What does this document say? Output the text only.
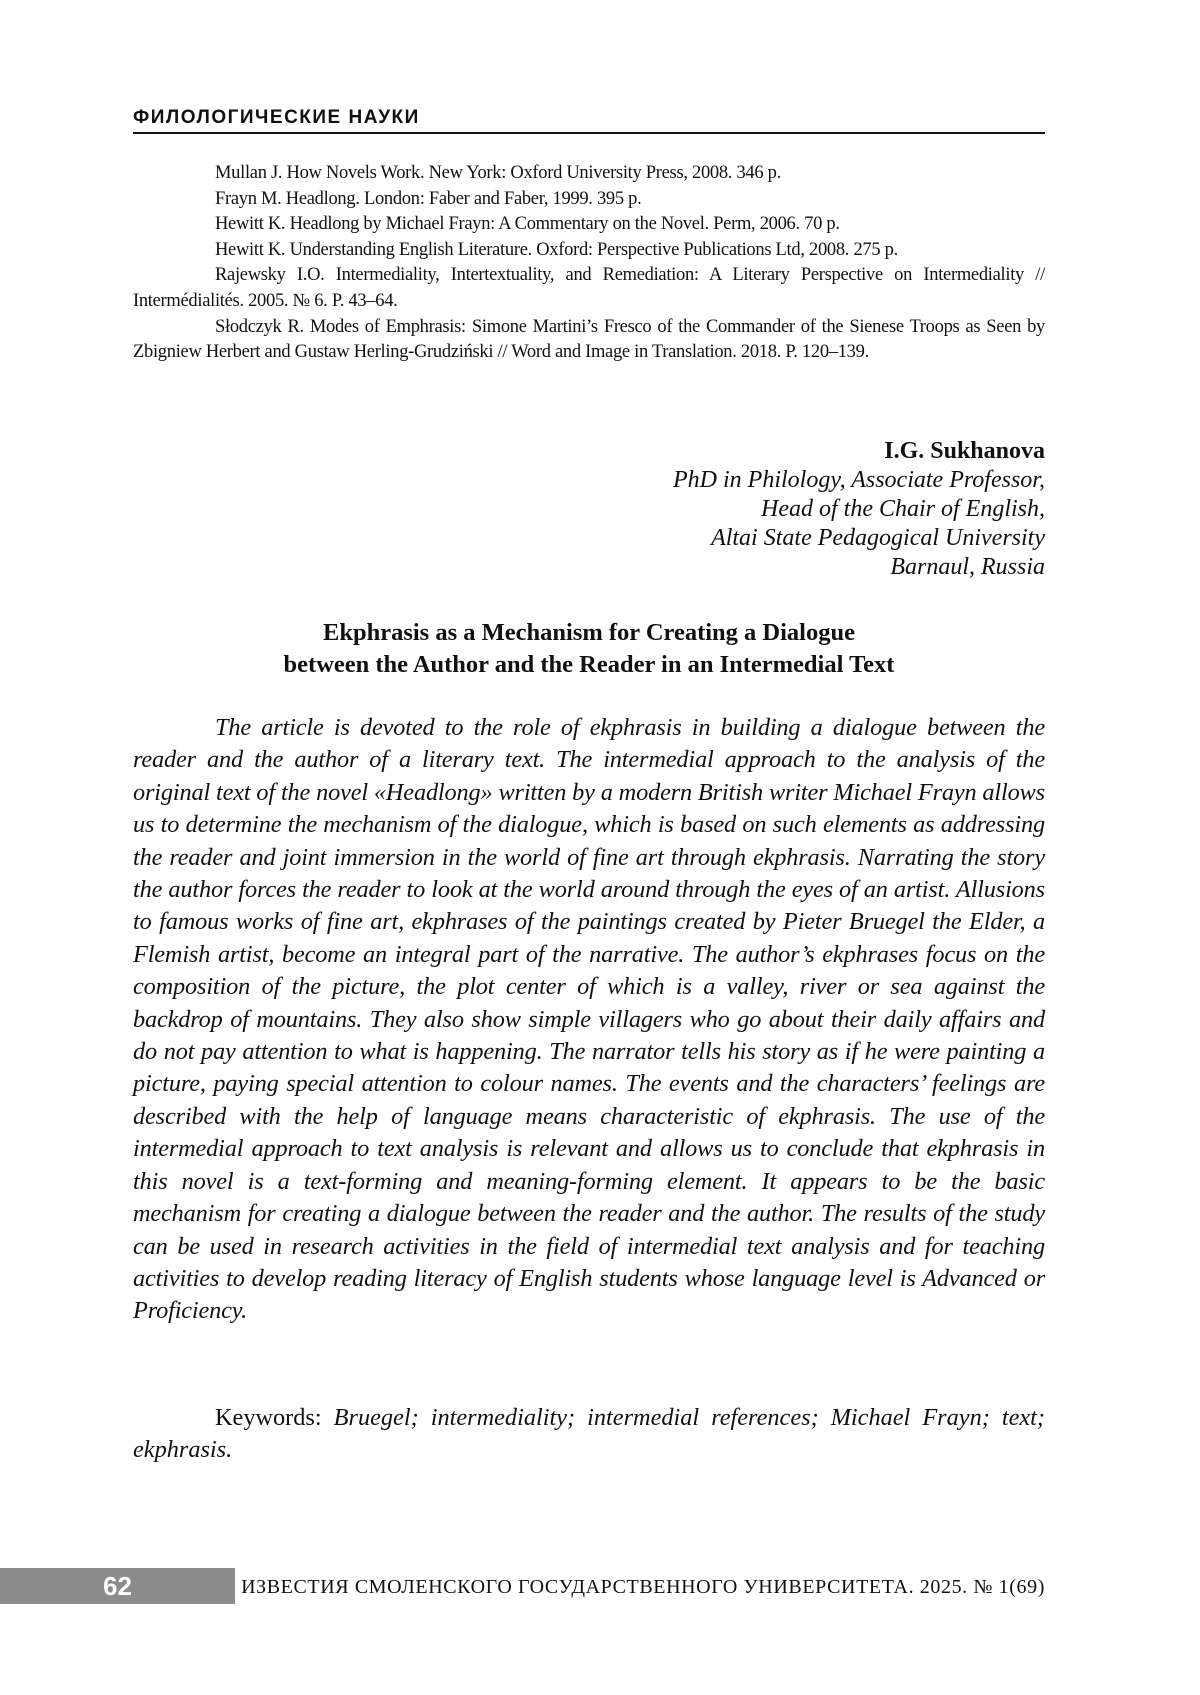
ФИЛОЛОГИЧЕСКИЕ НАУКИ

Mullan J. How Novels Work. New York: Oxford University Press, 2008. 346 p.

Frayn M. Headlong. London: Faber and Faber, 1999. 395 p.

Hewitt K. Headlong by Michael Frayn: A Commentary on the Novel. Perm, 2006. 70 p.

Hewitt K. Understanding English Literature. Oxford: Perspective Publications Ltd, 2008. 275 p.

Rajewsky I.O. Intermediality, Intertextuality, and Remediation: A Literary Perspective on Intermediality // Intermédialités. 2005. № 6. P. 43–64.

Słodczyk R. Modes of Emphrasis: Simone Martini’s Fresco of the Commander of the Sienese Troops as Seen by Zbigniew Herbert and Gustaw Herling-Grudziński // Word and Image in Translation. 2018. P. 120–139.

I.G. Sukhanova
PhD in Philology, Associate Professor,
Head of the Chair of English,
Altai State Pedagogical University
Barnaul, Russia
Ekphrasis as a Mechanism for Creating a Dialogue
between the Author and the Reader in an Intermedial Text

The article is devoted to the role of ekphrasis in building a dialogue between the reader and the author of a literary text. The intermedial approach to the analysis of the original text of the novel «Headlong» written by a modern British writer Michael Frayn allows us to determine the mechanism of the dialogue, which is based on such elements as addressing the reader and joint immersion in the world of fine art through ekphrasis. Narrating the story the author forces the reader to look at the world around through the eyes of an artist. Allusions to famous works of fine art, ekphrases of the paintings created by Pieter Bruegel the Elder, a Flemish artist, become an integral part of the narrative. The author’s ekphrases focus on the composition of the picture, the plot center of which is a valley, river or sea against the backdrop of mountains. They also show simple villagers who go about their daily affairs and do not pay attention to what is happening. The narrator tells his story as if he were painting a picture, paying special attention to colour names. The events and the characters’ feelings are described with the help of language means characteristic of ekphrasis. The use of the intermedial approach to text analysis is relevant and allows us to conclude that ekphrasis in this novel is a text-forming and meaning-forming element. It appears to be the basic mechanism for creating a dialogue between the reader and the author. The results of the study can be used in research activities in the field of intermedial text analysis and for teaching activities to develop reading literacy of English students whose language level is Advanced or Proficiency.

Keywords: Bruegel; intermediality; intermedial references; Michael Frayn; text; ekphrasis.

62	ИЗВЕСТИЯ СМОЛЕНСКОГО ГОСУДАРСТВЕННОГО УНИВЕРСИТЕТА. 2025. № 1(69)
